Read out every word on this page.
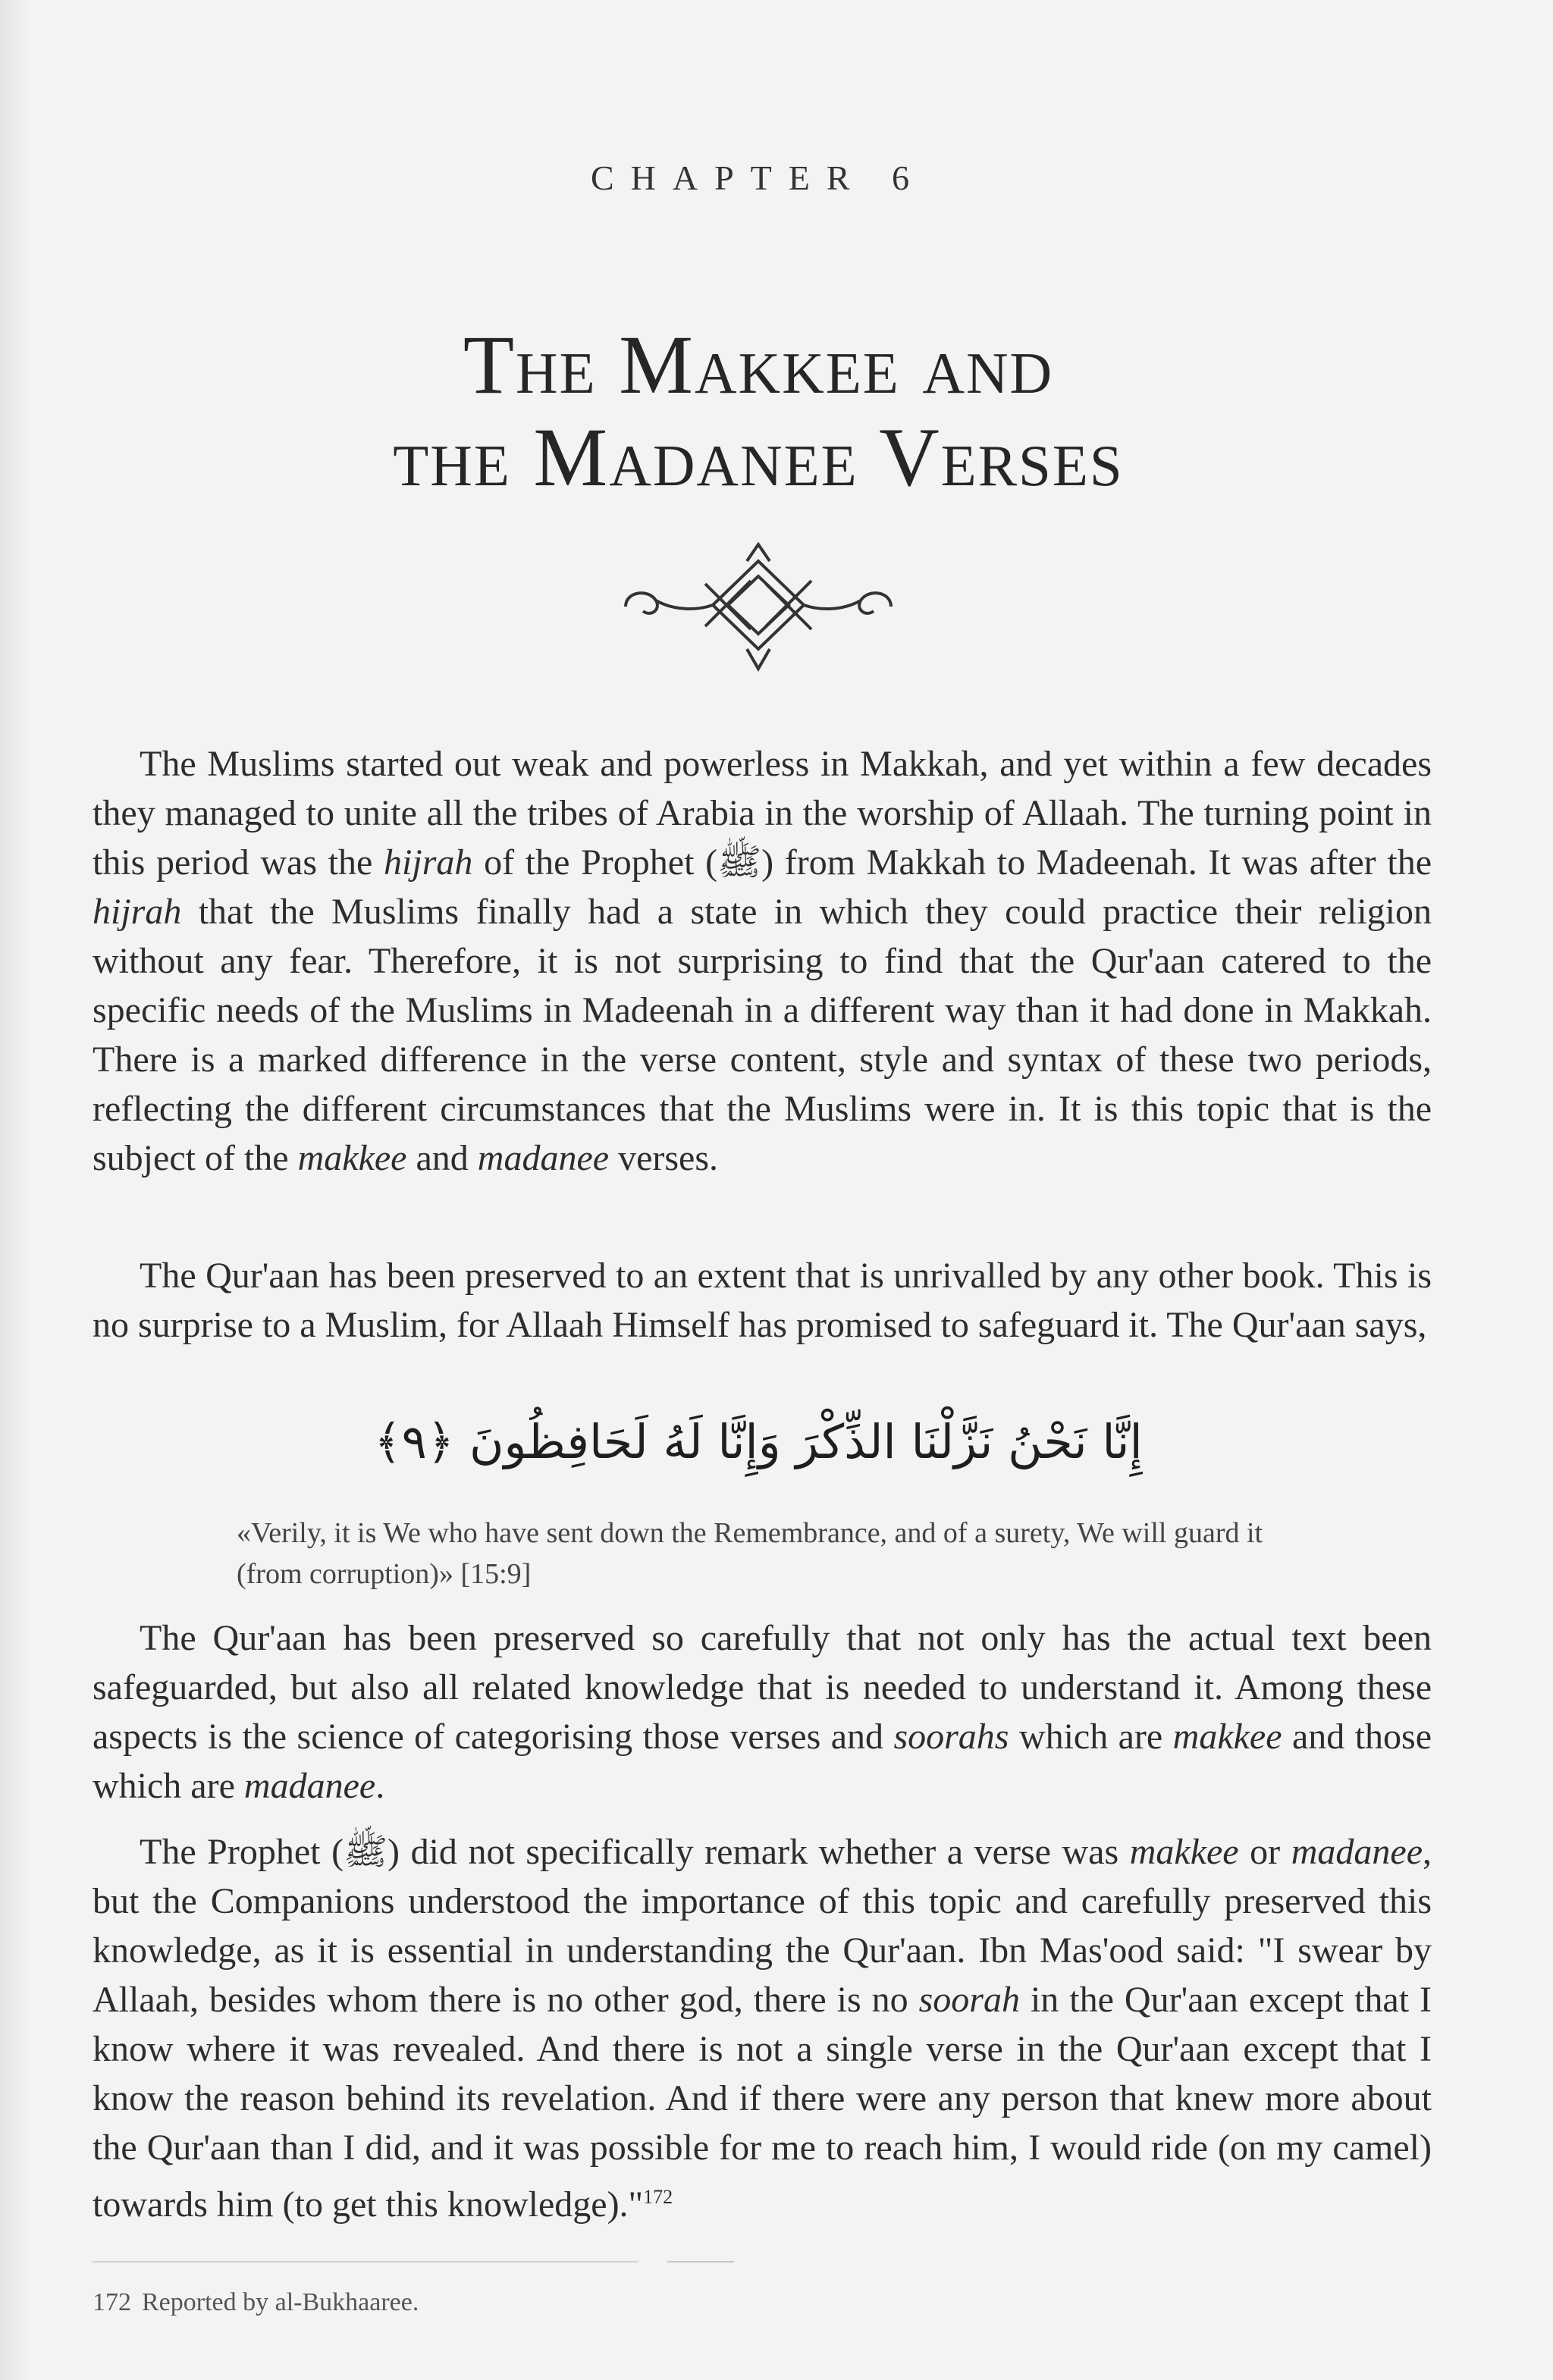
CHAPTER 6
The Makkee and
the Madanee Verses

The Muslims started out weak and powerless in Makkah, and yet within a few decades they managed to unite all the tribes of Arabia in the worship of Allaah. The turning point in this period was the hijrah of the Prophet (ﷺ) from Makkah to Madeenah. It was after the hijrah that the Muslims finally had a state in which they could practice their religion without any fear. Therefore, it is not surprising to find that the Qur'aan catered to the specific needs of the Muslims in Madeenah in a different way than it had done in Makkah. There is a marked difference in the verse content, style and syntax of these two periods, reflecting the different circumstances that the Muslims were in. It is this topic that is the subject of the makkee and madanee verses.

The Qur'aan has been preserved to an extent that is unrivalled by any other book. This is no surprise to a Muslim, for Allaah Himself has promised to safeguard it. The Qur'aan says,

إِنَّا نَحْنُ نَزَّلْنَا الذِّكْرَ وَإِنَّا لَهُ لَحَافِظُونَ ﴿٩﴾
«Verily, it is We who have sent down the Remembrance, and of a surety, We will guard it (from corruption)» [15:9]

The Qur'aan has been preserved so carefully that not only has the actual text been safeguarded, but also all related knowledge that is needed to understand it. Among these aspects is the science of categorising those verses and soorahs which are makkee and those which are madanee.

The Prophet (ﷺ) did not specifically remark whether a verse was makkee or madanee, but the Companions understood the importance of this topic and carefully preserved this knowledge, as it is essential in understanding the Qur'aan. Ibn Mas'ood said: "I swear by Allaah, besides whom there is no other god, there is no soorah in the Qur'aan except that I know where it was revealed. And there is not a single verse in the Qur'aan except that I know the reason behind its revelation. And if there were any person that knew more about the Qur'aan than I did, and it was possible for me to reach him, I would ride (on my camel) towards him (to get this knowledge)."$^{172}$

172 Reported by al-Bukhaaree.
